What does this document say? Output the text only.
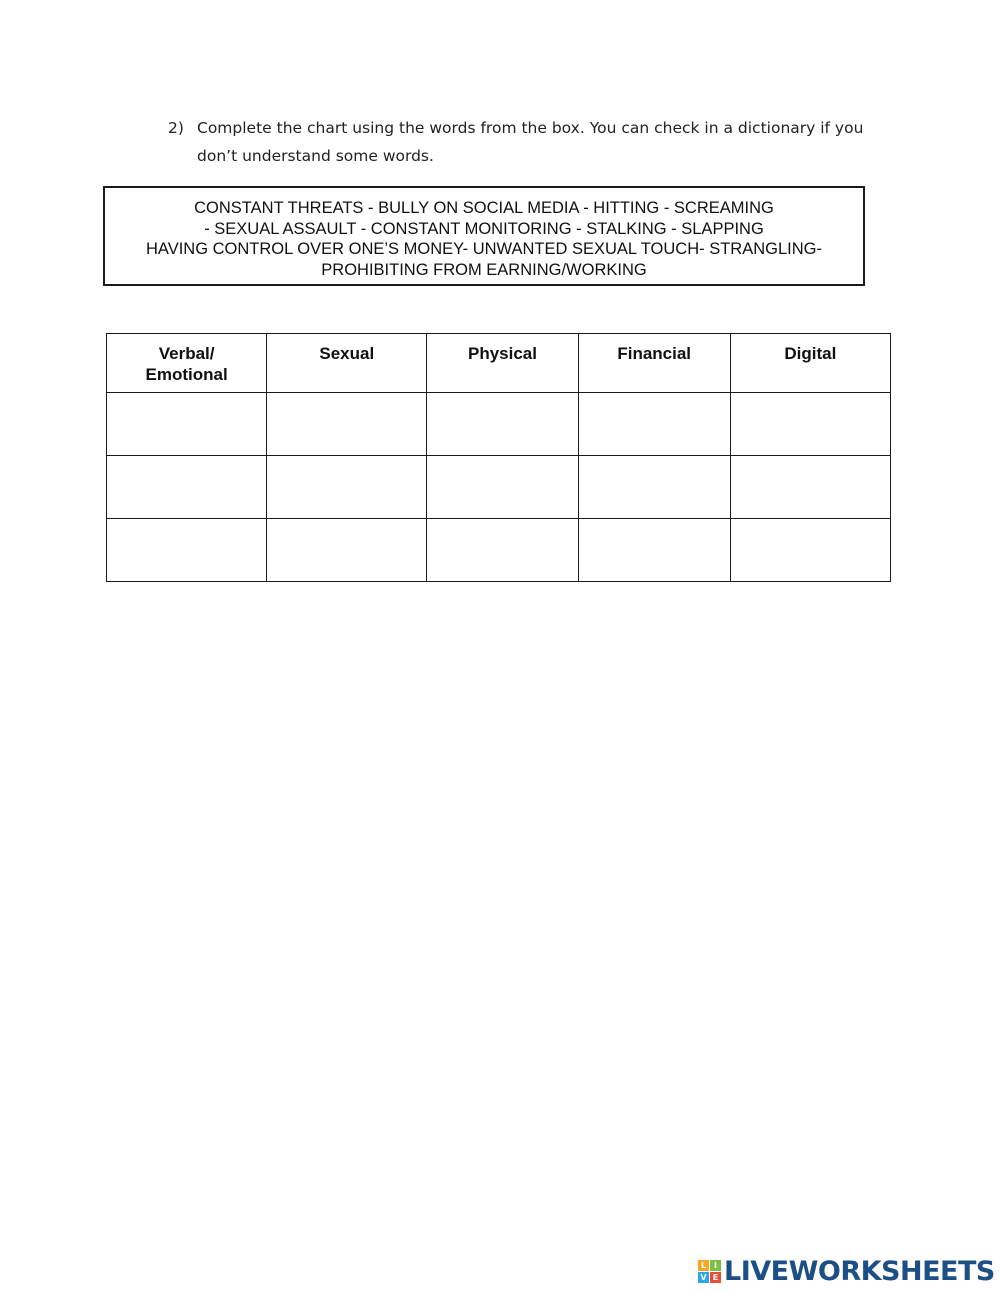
2) Complete the chart using the words from the box. You can check in a dictionary if you don’t understand some words.
CONSTANT THREATS - BULLY ON SOCIAL MEDIA - HITTING - SCREAMING
- SEXUAL ASSAULT - CONSTANT MONITORING - STALKING - SLAPPING
HAVING CONTROL OVER ONE’S MONEY- UNWANTED SEXUAL TOUCH- STRANGLING-
PROHIBITING FROM EARNING/WORKING
Verbal/
Emotional	Sexual	Physical	Financial	Digital

L I
V E LIVEWORKSHEETS
